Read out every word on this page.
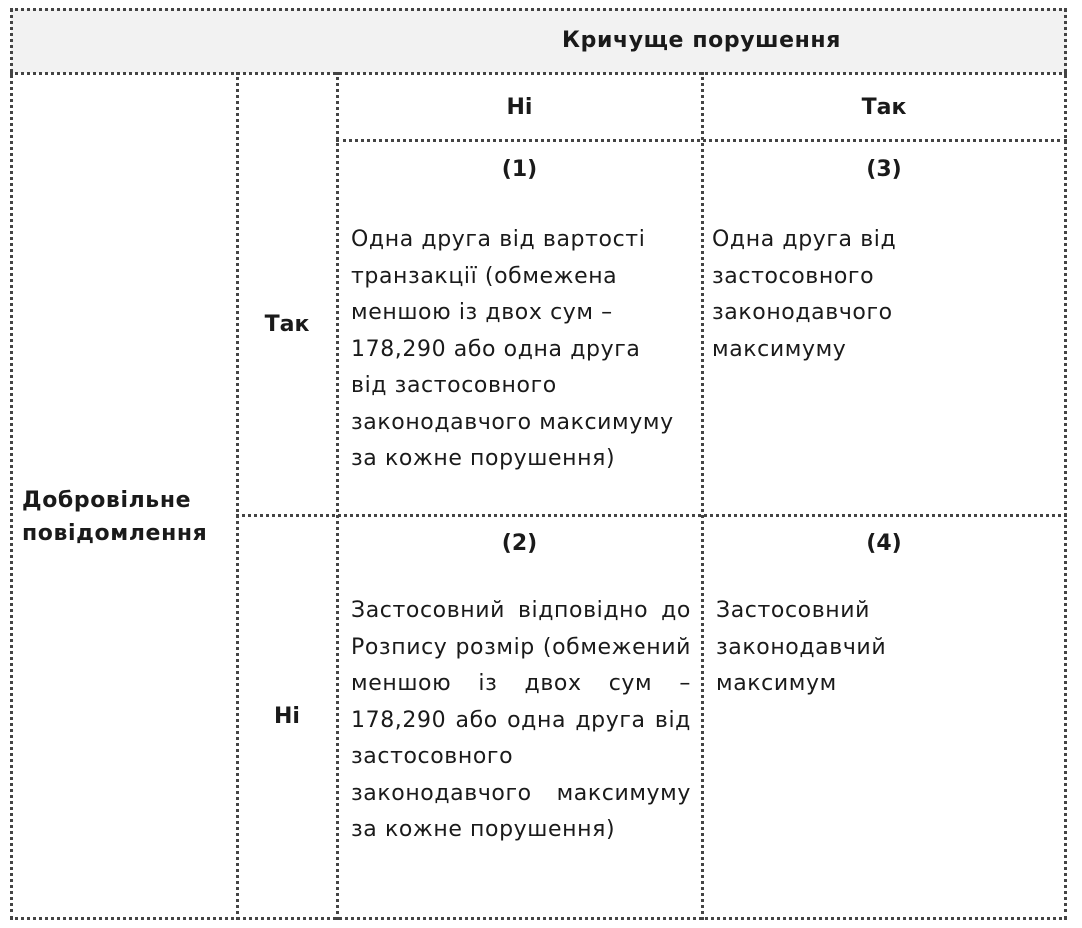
Кричуще порушення
Ні	Так
Добровільне повідомлення
Так
Ні
(1)
Одна друга від вартості транзакції (обмежена меншою із двох сум – 178,290 або одна друга від застосовного законодавчого максимуму за кожне порушення)
(3)
Одна друга від застосовного законодавчого максимуму
(2)
Застосовний відповідно до Розпису розмір (обмежений меншою із двох сум – 178,290 або одна друга від застосовного законодавчого максимуму за кожне порушення)
(4)
Застосовний законодавчий максимум
